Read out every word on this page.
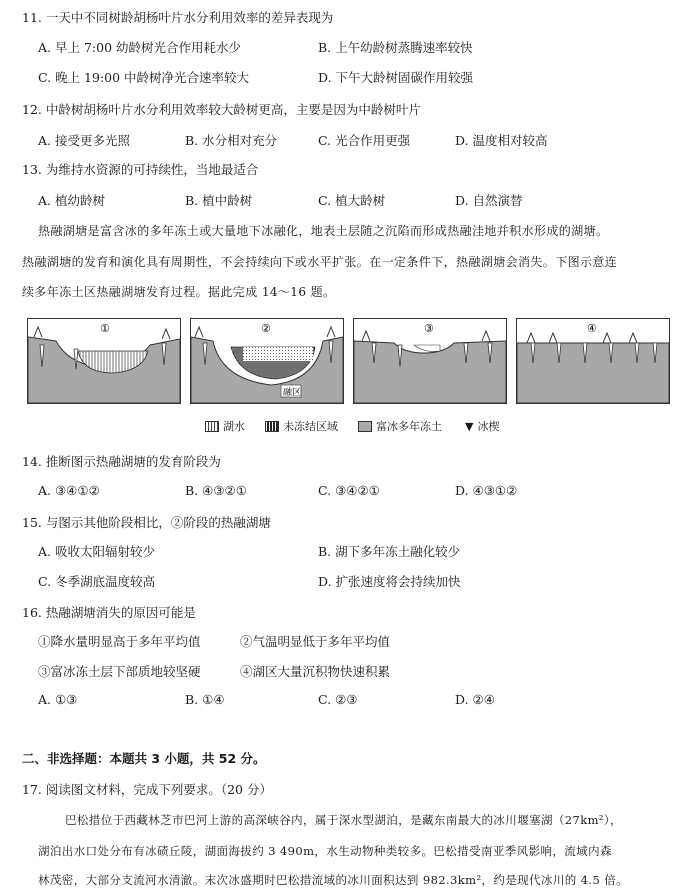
11. 一天中不同树龄胡杨叶片水分利用效率的差异表现为
A. 早上 7:00 幼龄树光合作用耗水少	B. 上午幼龄树蒸腾速率较快
C. 晚上 19:00 中龄树净光合速率较大	D. 下午大龄树固碳作用较强
12. 中龄树胡杨叶片水分利用效率较大龄树更高，主要是因为中龄树叶片
A. 接受更多光照	B. 水分相对充分	C. 光合作用更强	D. 温度相对较高
13. 为维持水资源的可持续性，当地最适合
A. 植幼龄树	B. 植中龄树	C. 植大龄树	D. 自然演替
热融湖塘是富含冰的多年冻土或大量地下冰融化，地表土层随之沉陷而形成热融洼地并积水形成的湖塘。
热融湖塘的发育和演化具有周期性，不会持续向下或水平扩张。在一定条件下，热融湖塘会消失。下图示意连
续多年冻土区热融湖塘发育过程。据此完成 14～16 题。
①
融区
②	③	④
湖水	未冻结区域	富冰多年冻土 ▼ 冰楔
14. 推断图示热融湖塘的发育阶段为
A. ③④①②	B. ④③②①	C. ③④②①	D. ④③①②
15. 与图示其他阶段相比，②阶段的热融湖塘
A. 吸收太阳辐射较少	B. 湖下多年冻土融化较少
C. 冬季湖底温度较高	D. 扩张速度将会持续加快
16. 热融湖塘消失的原因可能是
①降水量明显高于多年平均值	②气温明显低于多年平均值
③富冰冻土层下部质地较坚硬	④湖区大量沉积物快速积累
A. ①③	B. ①④	C. ②③	D. ②④
二、非选择题：本题共 3 小题，共 52 分。
17. 阅读图文材料，完成下列要求。（20 分）
巴松措位于西藏林芝市巴河上游的高深峡谷内，属于深水型湖泊，是藏东南最大的冰川堰塞湖（27km²），
湖泊出水口处分布有冰碛丘陵，湖面海拔约 3 490m，水生动物种类较多。巴松措受南亚季风影响，流域内森
林茂密，大部分支流河水清澈。末次冰盛期时巴松措流域的冰川面积达到 982.3km²，约是现代冰川的 4.5 倍。
